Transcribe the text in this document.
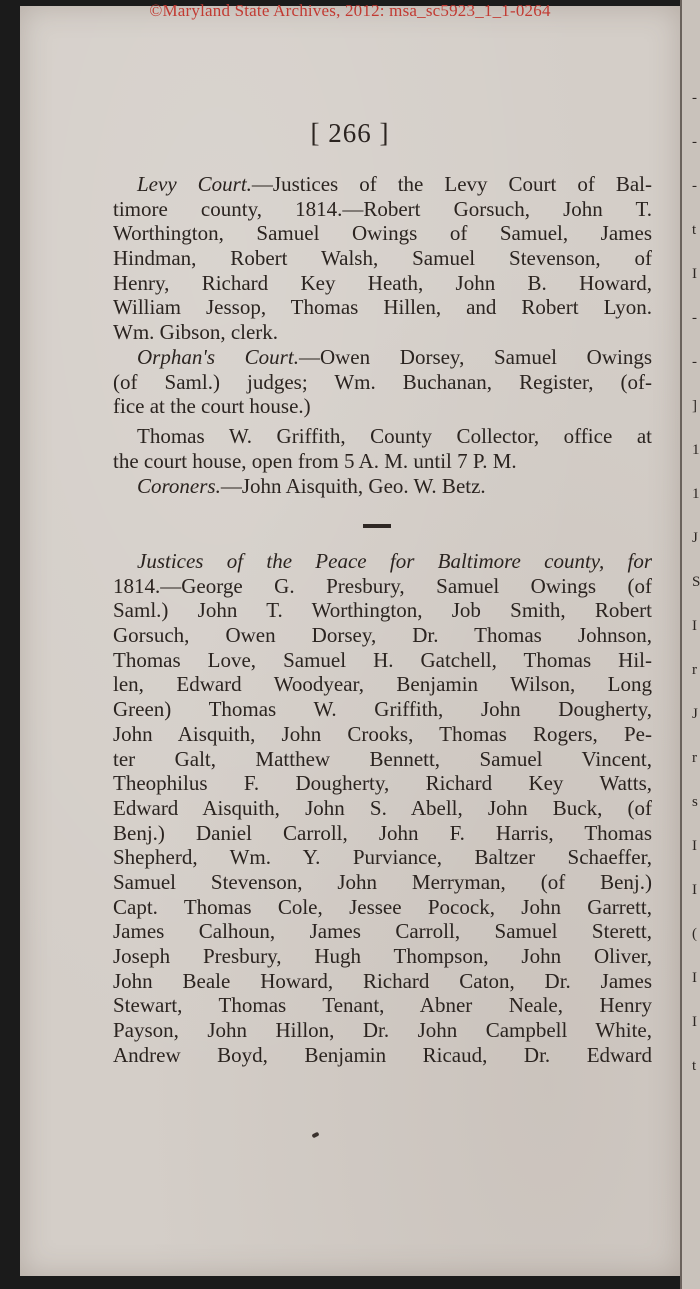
©Maryland State Archives, 2012: msa_sc5923_1_1-0264
[ 266 ]
Levy Court.—Justices of the Levy Court of Bal-
timore county, 1814.—Robert Gorsuch, John T.
Worthington, Samuel Owings of Samuel, James
Hindman, Robert Walsh, Samuel Stevenson, of
Henry, Richard Key Heath, John B. Howard,
William Jessop, Thomas Hillen, and Robert Lyon.
Wm. Gibson, clerk.
Orphan's Court.—Owen Dorsey, Samuel Owings
(of Saml.) judges; Wm. Buchanan, Register, (of-
fice at the court house.)
Thomas W. Griffith, County Collector, office at
the court house, open from 5 A. M. until 7 P. M.
Coroners.—John Aisquith, Geo. W. Betz.
Justices of the Peace for Baltimore county, for
1814.—George G. Presbury, Samuel Owings (of
Saml.) John T. Worthington, Job Smith, Robert
Gorsuch, Owen Dorsey, Dr. Thomas Johnson,
Thomas Love, Samuel H. Gatchell, Thomas Hil-
len, Edward Woodyear, Benjamin Wilson, Long
Green) Thomas W. Griffith, John Dougherty,
John Aisquith, John Crooks, Thomas Rogers, Pe-
ter Galt, Matthew Bennett, Samuel Vincent,
Theophilus F. Dougherty, Richard Key Watts,
Edward Aisquith, John S. Abell, John Buck, (of
Benj.) Daniel Carroll, John F. Harris, Thomas
Shepherd, Wm. Y. Purviance, Baltzer Schaeffer,
Samuel Stevenson, John Merryman, (of Benj.)
Capt. Thomas Cole, Jessee Pocock, John Garrett,
James Calhoun, James Carroll, Samuel Sterett,
Joseph Presbury, Hugh Thompson, John Oliver,
John Beale Howard, Richard Caton, Dr. James
Stewart, Thomas Tenant, Abner Neale, Henry
Payson, John Hillon, Dr. John Campbell White,
Andrew Boyd, Benjamin Ricaud, Dr. Edward
-
-
-
t
I
-
-
]
1
1
J
S
I
r
J
r
s
I
I
(
I
I
t
